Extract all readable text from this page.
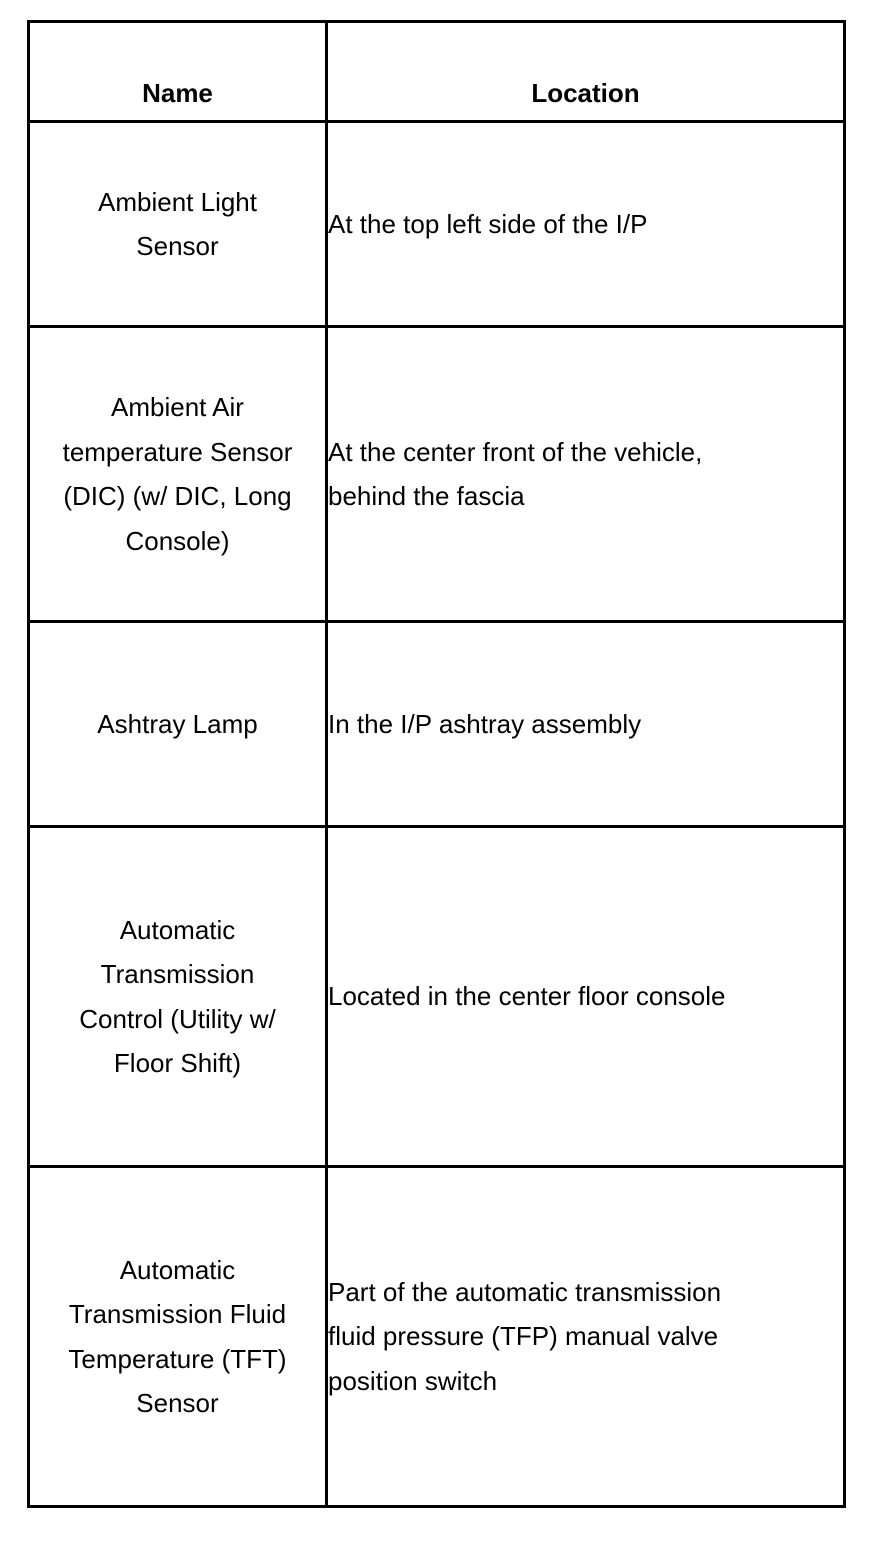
Name	Location

Ambient Light
Sensor	At the top left side of the I/P

Ambient Air
temperature Sensor
(DIC) (w/ DIC, Long
Console)	At the center front of the vehicle,
behind the fascia

Ashtray Lamp	In the I/P ashtray assembly

Automatic
Transmission
Control (Utility w/
Floor Shift)	Located in the center floor console

Automatic
Transmission Fluid
Temperature (TFT)
Sensor	Part of the automatic transmission
fluid pressure (TFP) manual valve
position switch
